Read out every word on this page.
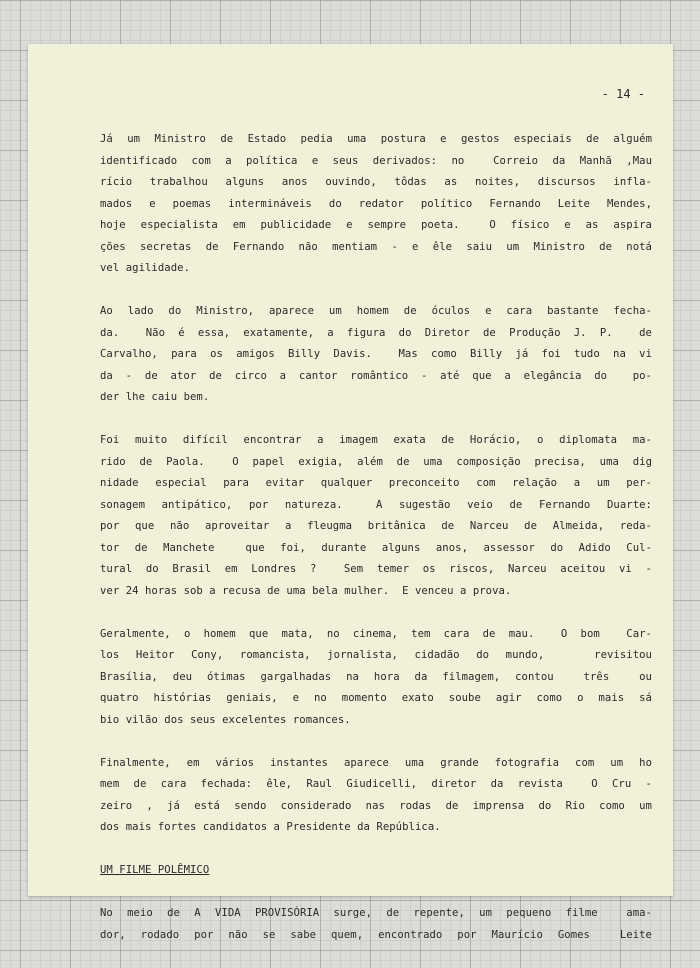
- 14 -
Já um Ministro de Estado pedia uma postura e gestos especiais de alguém
identificado com a política e seus derivados: no  Correio da Manhã ,Mau
rício trabalhou alguns anos ouvindo, tôdas as noites, discursos infla-
mados e poemas intermináveis do redator político Fernando Leite Mendes,
hoje especialista em publicidade e sempre poeta.  O físico e as aspira
ções secretas de Fernando não mentiam - e êle saiu um Ministro de notá
vel agilidade.
Ao lado do Ministro, aparece um homem de óculos e cara bastante fecha-
da.  Não é essa, exatamente, a figura do Diretor de Produção J. P.  de
Carvalho, para os amigos Billy Davis.  Mas como Billy já foi tudo na vi
da - de ator de circo a cantor romântico - até que a elegância do  po-
der lhe caiu bem.
Foi muito difícil encontrar a imagem exata de Horácio, o diplomata ma-
rido de Paola.  O papel exigia, além de uma composição precisa, uma dig
nidade especial para evitar qualquer preconceito com relação a um per-
sonagem antipático, por natureza.  A sugestão veio de Fernando Duarte:
por que não aproveitar a fleugma britânica de Narceu de Almeida, reda-
tor de Manchete  que foi, durante alguns anos, assessor do Adido Cul-
tural do Brasil em Londres ?  Sem temer os riscos, Narceu aceitou vi -
ver 24 horas sob a recusa de uma bela mulher.  E venceu a prova.
Geralmente, o homem que mata, no cinema, tem cara de mau.  O bom  Car-
los Heitor Cony, romancista, jornalista, cidadão do mundo,   revisitou
Brasília, deu ótimas gargalhadas na hora da filmagem, contou  três  ou
quatro histórias geniais, e no momento exato soube agir como o mais sá
bio vilão dos seus excelentes romances.
Finalmente, em vários instantes aparece uma grande fotografia com um ho
mem de cara fechada: êle, Raul Giudicelli, diretor da revista  O Cru -
zeiro , já está sendo considerado nas rodas de imprensa do Rio como um
dos mais fortes candidatos a Presidente da República.
UM FILME POLÊMICO
No meio de A VIDA PROVISÓRIA surge, de repente, um pequeno filme  ama-
dor, rodado por não se sabe quem, encontrado por Maurício Gomes  Leite
